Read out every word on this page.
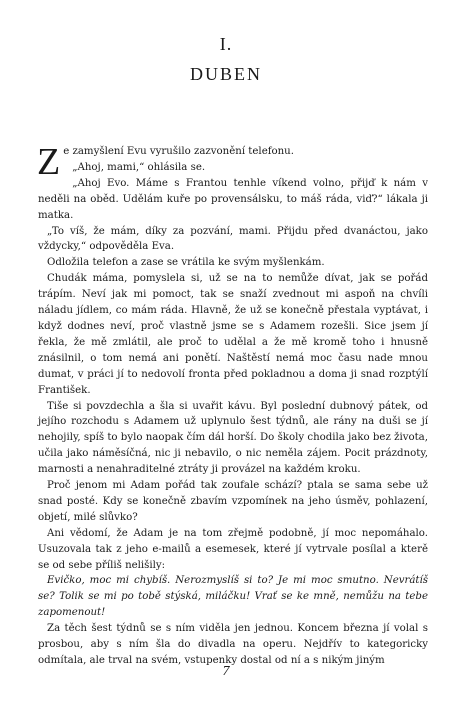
I.
DUBEN

Ze zamyšlení Evu vyrušilo zazvonění telefonu.

„Ahoj, mami,“ ohlásila se.

„Ahoj Evo. Máme s Frantou tenhle víkend volno, přijď k nám v neděli na oběd. Udělám kuře po provensálsku, to máš ráda, viď?“ lákala ji matka.

„To víš, že mám, díky za pozvání, mami. Přijdu před dvanáctou, jako vždycky,“ odpověděla Eva.

Odložila telefon a zase se vrátila ke svým myšlenkám.

Chudák máma, pomyslela si, už se na to nemůže dívat, jak se pořád trápím. Neví jak mi pomoct, tak se snaží zvednout mi aspoň na chvíli náladu jídlem, co mám ráda. Hlavně, že už se konečně přestala vyptávat, i když dodnes neví, proč vlastně jsme se s Adamem rozešli. Sice jsem jí řekla, že mě zmlátil, ale proč to udělal a že mě kromě toho i hnusně znásilnil, o tom nemá ani ponětí. Naštěstí nemá moc času nade mnou dumat, v práci jí to nedovolí fronta před pokladnou a doma ji snad rozptýlí František.

Tiše si povzdechla a šla si uvařit kávu. Byl poslední dubnový pátek, od jejího rozchodu s Adamem už uplynulo šest týdnů, ale rány na duši se jí nehojily, spíš to bylo naopak čím dál horší. Do školy chodila jako bez života, učila jako náměsíčná, nic ji nebavilo, o nic neměla zájem. Pocit prázdnoty, marnosti a nenahraditelné ztráty ji provázel na každém kroku.

Proč jenom mi Adam pořád tak zoufale schází? ptala se sama sebe už snad posté. Kdy se konečně zbavím vzpomínek na jeho úsměv, pohlazení, objetí, milé slůvko?

Ani vědomí, že Adam je na tom zřejmě podobně, jí moc nepomáhalo. Usuzovala tak z jeho e-mailů a esemesek, které jí vytrvale posílal a kterě se od sebe příliš nelišily:

Evičko, moc mi chybíš. Nerozmyslíš si to? Je mi moc smutno. Nevrátíš se? Tolik se mi po tobě stýská, miláčku! Vrať se ke mně, nemůžu na tebe zapomenout!

Za těch šest týdnů se s ním viděla jen jednou. Koncem března jí volal s prosbou, aby s ním šla do divadla na operu. Nejdřív to kategoricky odmítala, ale trval na svém, vstupenky dostal od ní a s nikým jiným

7
